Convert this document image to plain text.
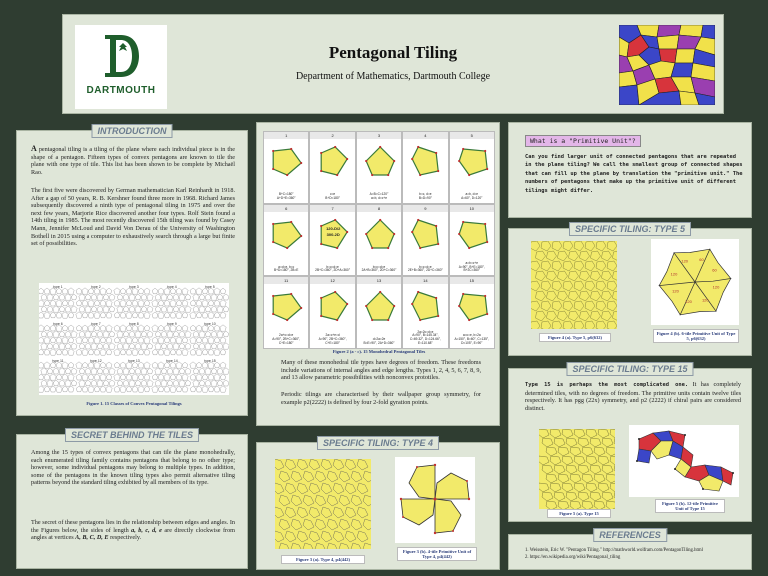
DARTMOUTH
Pentagonal Tiling
Department of Mathematics, Dartmouth College
INTRODUCTION
A pentagonal tiling is a tiling of the plane where each individual piece is in the shape of a pentagon. Fifteen types of convex pentagons are known to tile the plane with one type of tile. This list has been shown to be complete by Michaël Rao.
The first five were discovered by German mathematician Karl Reinhardt in 1918. After a gap of 50 years, R. B. Kershner found three more in 1968. Richard James subsequently discovered a ninth type of pentagonal tiling in 1975 and over the next few years, Marjorie Rice discovered another four types. Rolf Stein found a 14th tiling in 1985. The most recently discovered 15th tiling was found by Casey Mann, Jennifer McLoud and David Von Derau of the University of Washington Bothell in 2015 using a computer to exhaustively search through a large but finite set of possibilities.
type 1	type 2	type 3	type 4	type 5
type 6	type 7	type 8	type 9	type 10
type 11	type 12	type 13	type 14	type 15
Figure 1. 15 Classes of Convex Pentagonal Tilings
SECRET BEHIND THE TILES
Among the 15 types of convex pentagons that can tile the plane monohedrally, each enumerated tiling family contains pentagons that belong to no other type; however, some individual pentagons may belong to multiple types. In addition, some of the pentagons in the known tiling types also permit alternative tiling patterns beyond the standard tiling exhibited by all members of its type.
The secret of these pentagons lies in the relationship between edges and angles. In the Figures below, the sides of length a, b, c, d, e are directly clockwise from angles at vertices A, B, C, D, E respectively.
1
B+C=180°
A+D+E=360°
2
c=e
B+D=180°
3
A=B=C=120°
a=b, d=c+e
4
b=c, d=e
B=D=90°
5
a=b, d=e
A=60°, D=120°
6
a=d=e, b=c
B+D=180°, 2B=E
7
120-D/2
300-2D
b=c=d=e
2B+C=360°, 2D+A=360°
8
b=c=d=e
2A+B=360°, 2D+C=360°
9
b=c=d=e
2E+B=360°, 2D+C=360°
10
a=b=c+e
A=90°, B+E=180°, B+2C=360°
11
2a+c=d=e
A=90°, 2B+C=360°, C+E=180°
12
2a=c+e=d
A=90°, 2B+C=360°, C+E=180°
13
d=2a=2e
B=E=90°, 2A+D=360°
14
2a=2c=d=e
A=90°, B≈145.34°, C≈69.32°, D≈124.66°, E≈110.68°
15
a=c=e, b=2a
A=150°, B=60°, C=135°, D=105°, E=90°
Figure 2 (a - c). 15 Monohedral Pentagonal Tiles
Many of these monohedral tile types have degrees of freedom. These freedoms include variations of internal angles and edge lengths. Types 1, 2, 4, 5, 6, 7, 8, 9, and 13 allow parametric possibilities with nonconvex prototiles.
Periodic tilings are characterised by their wallpaper group symmetry, for example p2(2222) is defined by four 2-fold gyration points.
SPECIFIC TILING: TYPE 4
Figure 3 (a). Type 4, p4(442)
Figure 3 (b). 4-tile Primitive Unit of Type 4, p4(442)
What is a "Primitive Unit"?
Can you find larger unit of connected pentagons that are repeated in the plane tiling? We call the smallest group of connected shapes that can fill up the plane by translation the "primitive unit." The numbers of pentagons that make up the primitive unit of different tilings might differ.
SPECIFIC TILING: TYPE 5
Figure 4 (a). Type 5, p6(632)
120
120
120
120
120
120	60
60
Figure 4 (b). 6-tile Primitive Unit of Type 5, p6(632)
SPECIFIC TILING: TYPE 15
Type 15 is perhaps the most complicated one. It has completely determined tiles, with no degrees of freedom. The primitive units contain twelve tiles respectively. It has pgg (22x) symmetry, and p2 (2222) if chiral pairs are considered distinct.
Figure 5 (a). Type 15
Figure 5 (b). 12-tile Primitive Unit of Type 15
REFERENCES
1. Weisstein, Eric W. "Pentagon Tiling." http://mathworld.wolfram.com/PentagonTiling.html
2. https://en.wikipedia.org/wiki/Pentagonal_tiling
